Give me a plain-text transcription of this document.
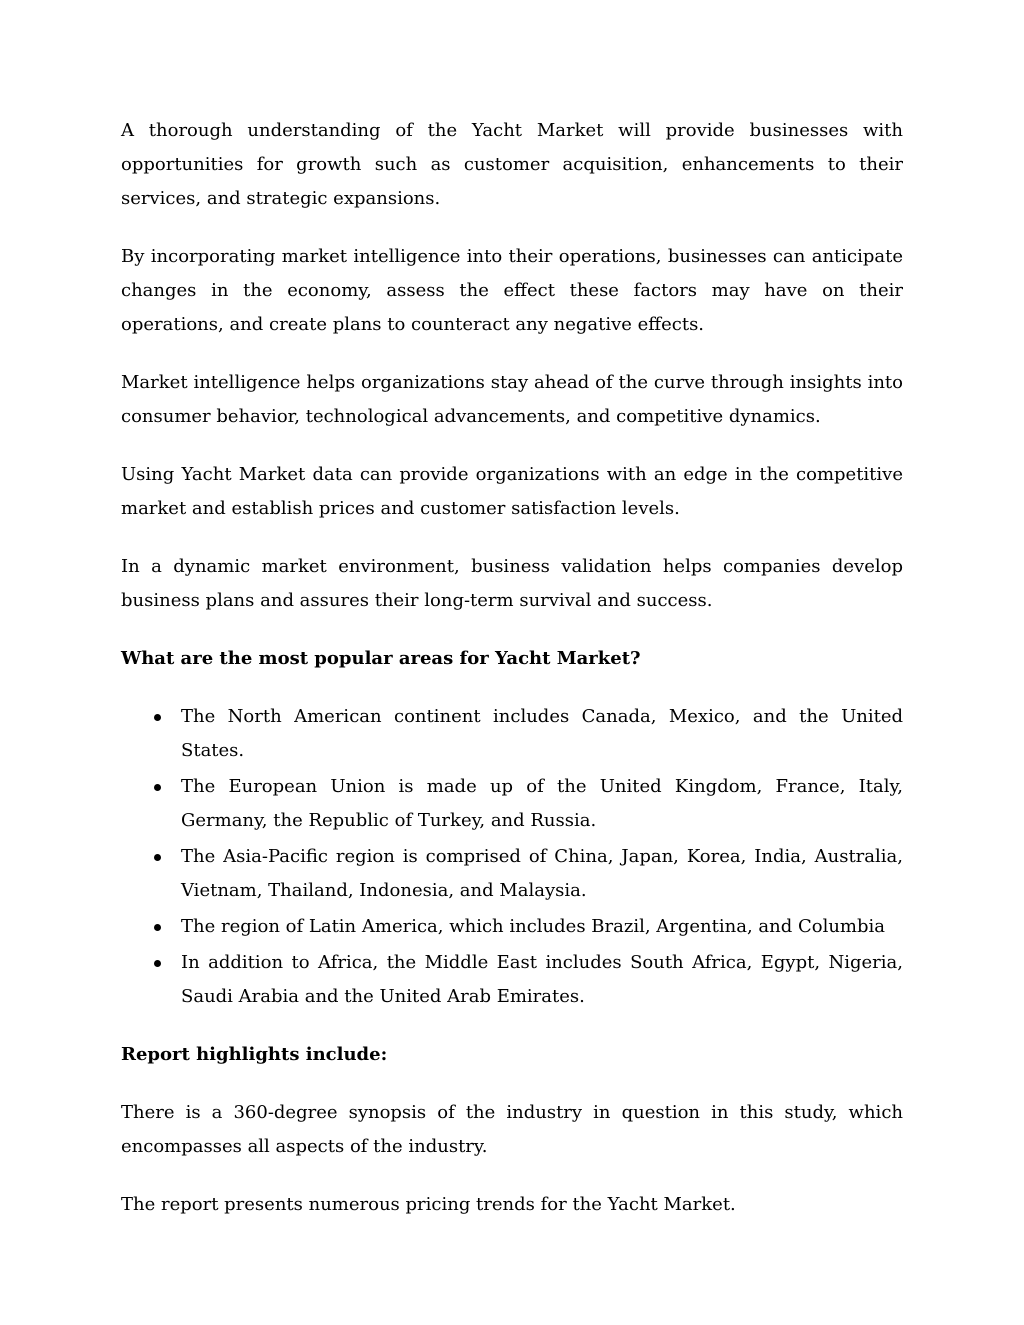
A thorough understanding of the Yacht Market will provide businesses with opportunities for growth such as customer acquisition, enhancements to their services, and strategic expansions.

By incorporating market intelligence into their operations, businesses can anticipate changes in the economy, assess the effect these factors may have on their operations, and create plans to counteract any negative effects.

Market intelligence helps organizations stay ahead of the curve through insights into consumer behavior, technological advancements, and competitive dynamics.

Using Yacht Market data can provide organizations with an edge in the competitive market and establish prices and customer satisfaction levels.

In a dynamic market environment, business validation helps companies develop business plans and assures their long-term survival and success.

What are the most popular areas for Yacht Market?
The North American continent includes Canada, Mexico, and the United States.
The European Union is made up of the United Kingdom, France, Italy, Germany, the Republic of Turkey, and Russia.
The Asia-Pacific region is comprised of China, Japan, Korea, India, Australia, Vietnam, Thailand, Indonesia, and Malaysia.
The region of Latin America, which includes Brazil, Argentina, and Columbia
In addition to Africa, the Middle East includes South Africa, Egypt, Nigeria, Saudi Arabia and the United Arab Emirates.
Report highlights include:

There is a 360-degree synopsis of the industry in question in this study, which encompasses all aspects of the industry.

The report presents numerous pricing trends for the Yacht Market.
